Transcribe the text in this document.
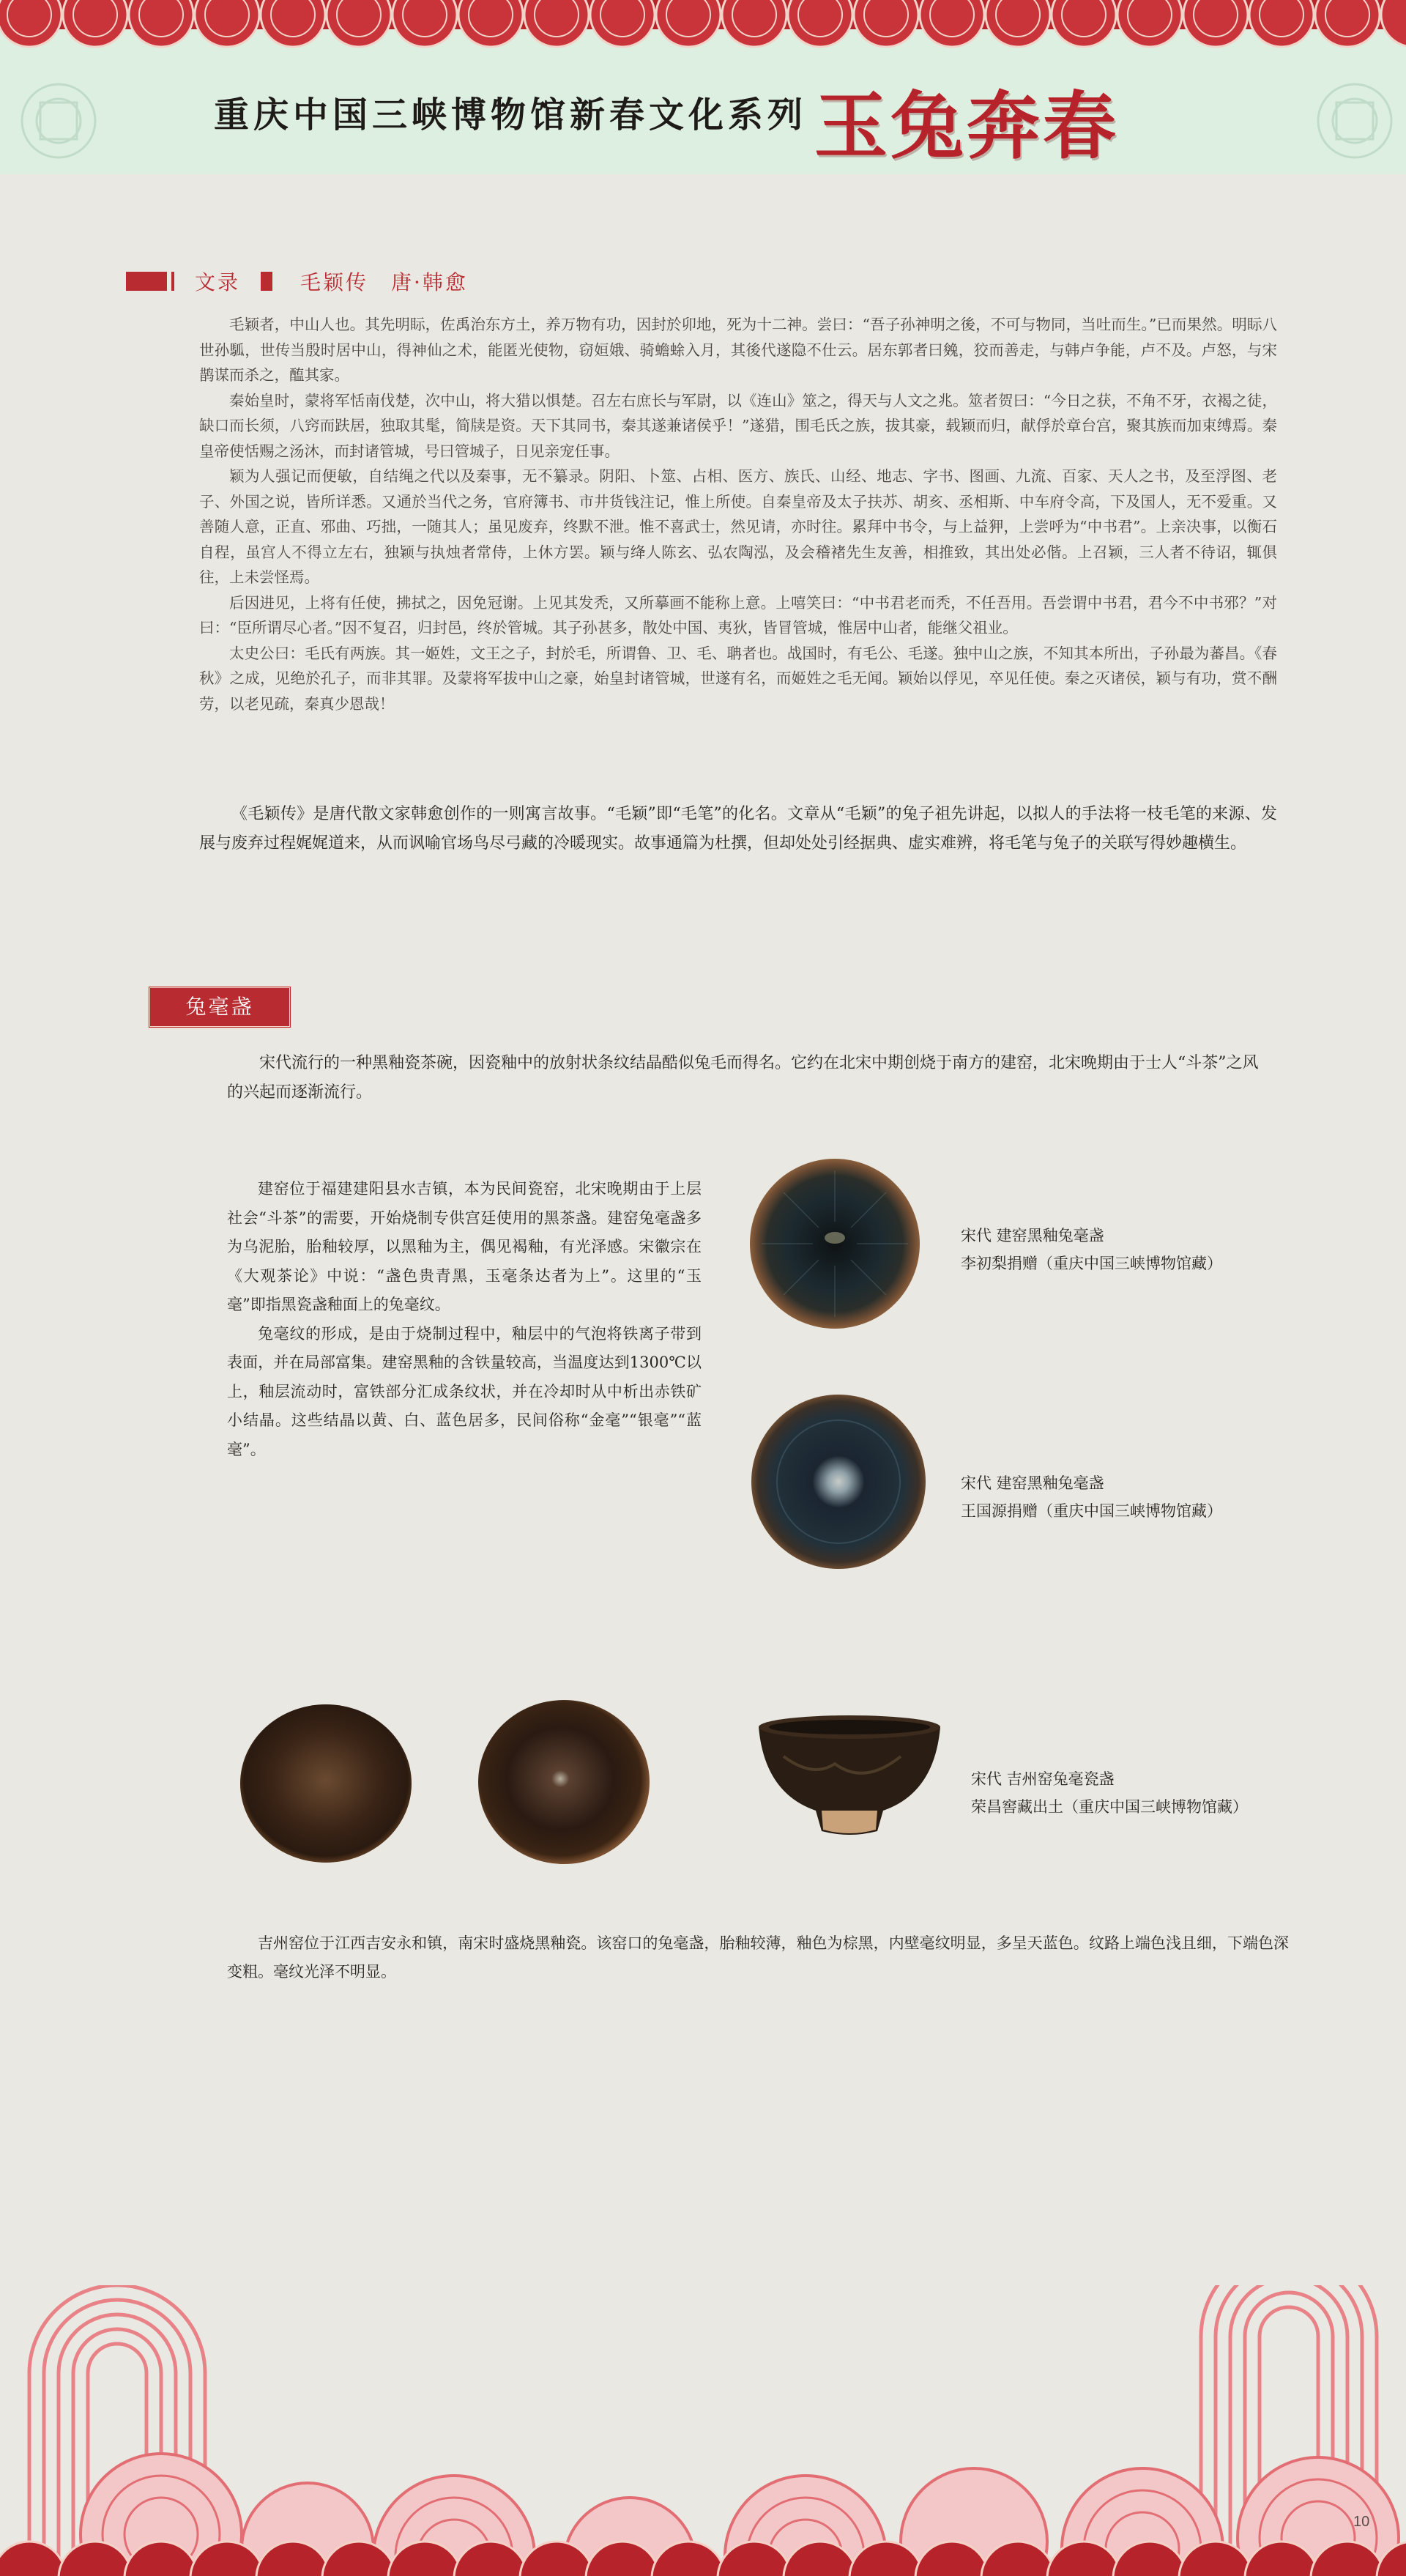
重庆中国三峡博物馆新春文化系列 玉兔奔春
文录	毛颖传　唐·韩愈

毛颖者，中山人也。其先明眎，佐禹治东方土，养万物有功，因封於卯地，死为十二神。尝曰：“吾子孙神明之後，不可与物同，当吐而生。”已而果然。明眎八世孙𩢍，世传当殷时居中山，得神仙之术，能匿光使物，窃姮娥、骑蟾蜍入月，其後代遂隐不仕云。居东郭者曰㕙，狡而善走，与韩卢争能，卢不及。卢怒，与宋鹊谋而杀之，醢其家。

秦始皇时，蒙将军恬南伐楚，次中山，将大猎以惧楚。召左右庶长与军尉，以《连山》筮之，得天与人文之兆。筮者贺曰：“今日之获，不角不牙，衣褐之徒，缺口而长须，八窍而趺居，独取其髦，简牍是资。天下其同书，秦其遂兼诸侯乎！”遂猎，围毛氏之族，拔其豪，载颖而归，献俘於章台宫，聚其族而加束缚焉。秦皇帝使恬赐之汤沐，而封诸管城，号曰管城子，日见亲宠任事。

颖为人强记而便敏，自结绳之代以及秦事，无不纂录。阴阳、卜筮、占相、医方、族氏、山经、地志、字书、图画、九流、百家、天人之书，及至浮图、老子、外国之说，皆所详悉。又通於当代之务，官府簿书、市井货钱注记，惟上所使。自秦皇帝及太子扶苏、胡亥、丞相斯、中车府令高，下及国人，无不爱重。又善随人意，正直、邪曲、巧拙，一随其人；虽见废弃，终默不泄。惟不喜武士，然见请，亦时往。累拜中书令，与上益狎，上尝呼为“中书君”。上亲决事，以衡石自程，虽宫人不得立左右，独颖与执烛者常侍，上休方罢。颖与绛人陈玄、弘农陶泓，及会稽褚先生友善，相推致，其出处必偕。上召颖，三人者不待诏，辄俱往，上未尝怪焉。

后因进见，上将有任使，拂拭之，因免冠谢。上见其发秃，又所摹画不能称上意。上嘻笑曰：“中书君老而秃，不任吾用。吾尝谓中书君，君今不中书邪？”对曰：“臣所谓尽心者。”因不复召，归封邑，终於管城。其子孙甚多，散处中国、夷狄，皆冒管城，惟居中山者，能继父祖业。

太史公曰：毛氏有两族。其一姬姓，文王之子，封於毛，所谓鲁、卫、毛、聃者也。战国时，有毛公、毛遂。独中山之族，不知其本所出，子孙最为蕃昌。《春秋》之成，见绝於孔子，而非其罪。及蒙将军拔中山之豪，始皇封诸管城，世遂有名，而姬姓之毛无闻。颖始以俘见，卒见任使。秦之灭诸侯，颖与有功，赏不酬劳，以老见疏，秦真少恩哉！

《毛颖传》是唐代散文家韩愈创作的一则寓言故事。“毛颖”即“毛笔”的化名。文章从“毛颖”的兔子祖先讲起，以拟人的手法将一枝毛笔的来源、发展与废弃过程娓娓道来，从而讽喻官场鸟尽弓藏的冷暖现实。故事通篇为杜撰，但却处处引经据典、虚实难辨，将毛笔与兔子的关联写得妙趣横生。
兔毫盏
宋代流行的一种黑釉瓷茶碗，因瓷釉中的放射状条纹结晶酷似兔毛而得名。它约在北宋中期创烧于南方的建窑，北宋晚期由于士人“斗茶”之风的兴起而逐渐流行。

建窑位于福建建阳县水吉镇，本为民间瓷窑，北宋晚期由于上层社会“斗茶”的需要，开始烧制专供宫廷使用的黑茶盏。建窑兔毫盏多为乌泥胎，胎釉较厚，以黑釉为主，偶见褐釉，有光泽感。宋徽宗在《大观茶论》中说：“盏色贵青黑，玉毫条达者为上”。这里的“玉毫”即指黑瓷盏釉面上的兔毫纹。

兔毫纹的形成，是由于烧制过程中，釉层中的气泡将铁离子带到表面，并在局部富集。建窑黑釉的含铁量较高，当温度达到1300℃以上，釉层流动时，富铁部分汇成条纹状，并在冷却时从中析出赤铁矿小结晶。这些结晶以黄、白、蓝色居多，民间俗称“金毫”“银毫”“蓝毫”。

宋代 建窑黑釉兔毫盏
李初梨捐赠（重庆中国三峡博物馆藏）
宋代 建窑黑釉兔毫盏
王国源捐赠（重庆中国三峡博物馆藏）
宋代 吉州窑兔毫瓷盏
荣昌窖藏出土（重庆中国三峡博物馆藏）
吉州窑位于江西吉安永和镇，南宋时盛烧黑釉瓷。该窑口的兔毫盏，胎釉较薄，釉色为棕黑，内壁毫纹明显，多呈天蓝色。纹路上端色浅且细，下端色深变粗。毫纹光泽不明显。
10
